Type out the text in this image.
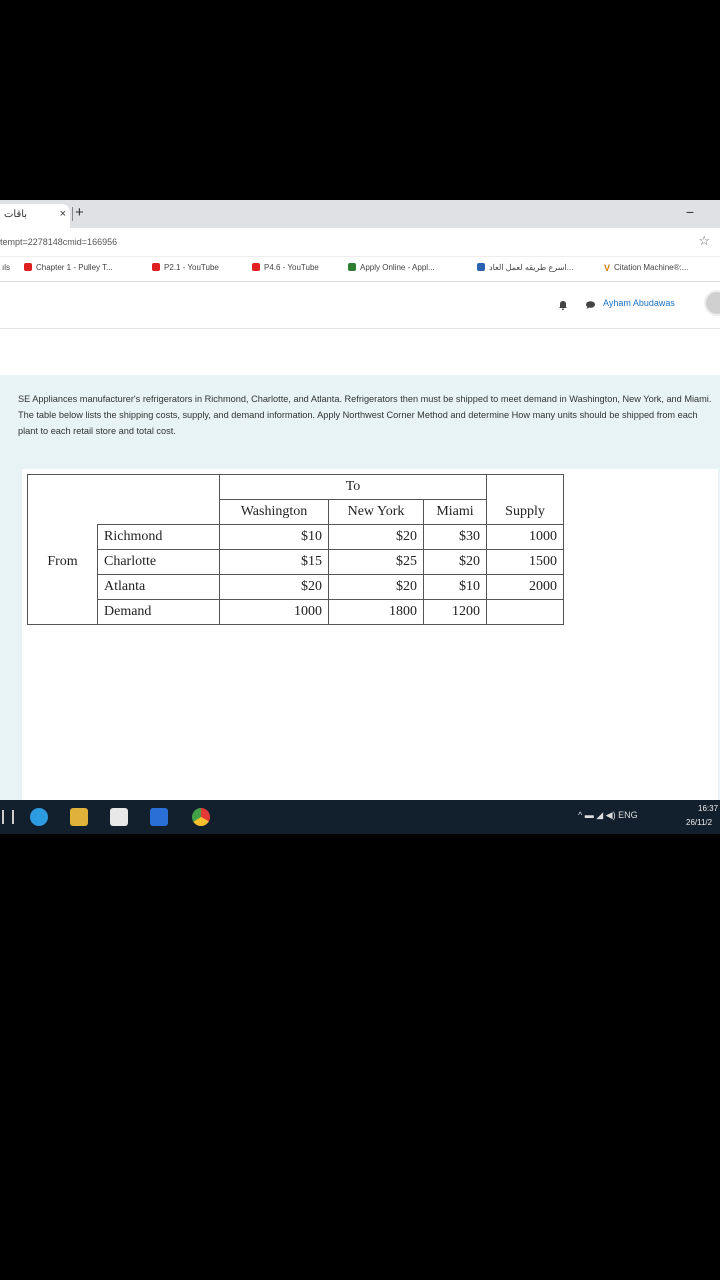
باقات	× +	−
tempt=2278148cmid=166956	☆
ıls	Chapter 1 - Pulley T...	P2.1 - YouTube	P4.6 - YouTube	Apply Online - Appl...	اسرع طريقه لعمل العاد...	V Citation Machine®:...
Ayham Abudawas
SE Appliances manufacturer's refrigerators in Richmond, Charlotte, and Atlanta. Refrigerators then must be shipped to meet demand in Washington, New York, and Miami. The table below lists the shipping costs, supply, and demand information. Apply Northwest Corner Method and determine How many units should be shipped from each plant to each retail store and total cost.
		To			
		Washington	New York	Miami	Supply
	Richmond	$10	$20	$30	1000
From	Charlotte	$15	$25	$20	1500
	Atlanta	$20	$20	$10	2000
	Demand	1000	1800	1200	
^ ▬ ◢ ◀) ENG
16:37
26/11/2
